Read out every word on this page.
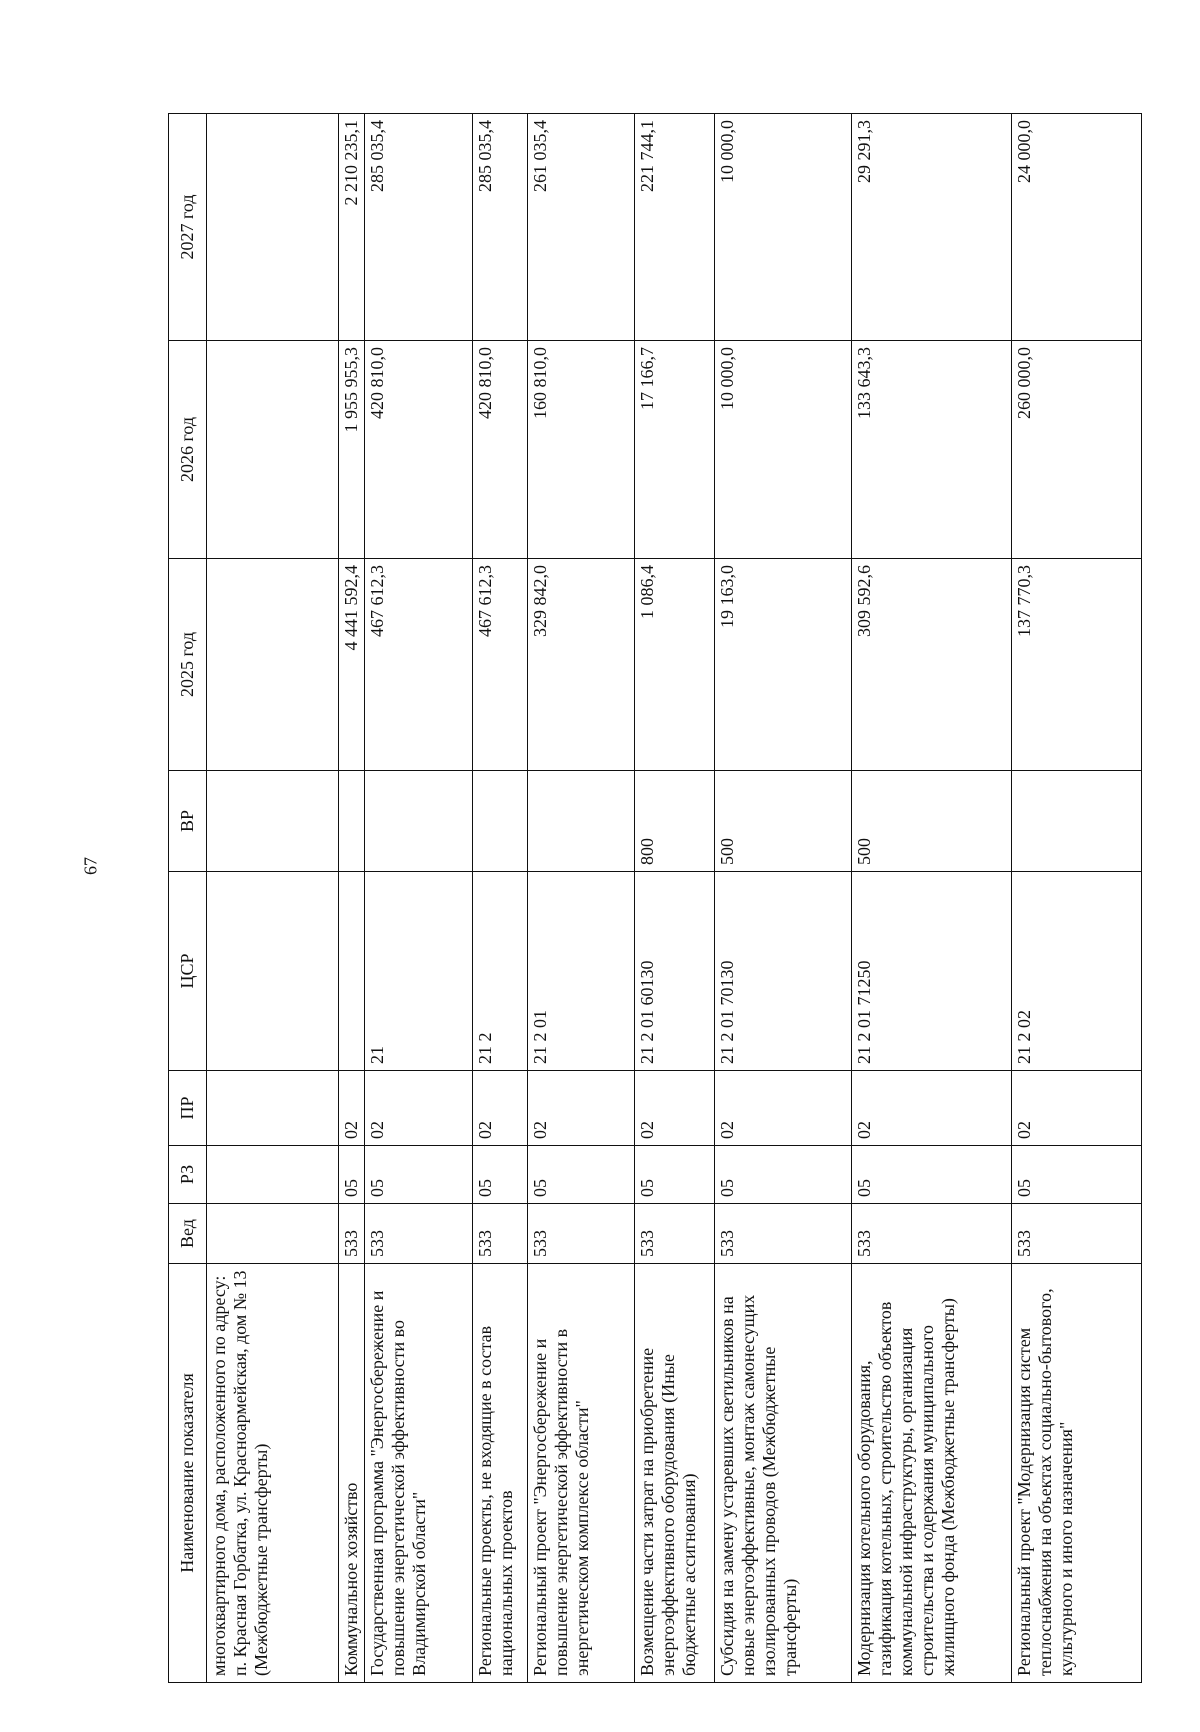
67
Наименование показателя	Вед	РЗ	ПР	ЦСР	ВР	2025 год	2026 год	2027 год
многоквартирного дома, расположенного по адресу: п. Красная Горбатка, ул. Красноармейская, дом № 13 (Межбюджетные трансферты)								
Коммунальное хозяйство	533	05	02			4 441 592,4	1 955 955,3	2 210 235,1
Государственная программа "Энергосбережение и повышение энергетической эффективности во Владимирской области"	533	05	02	21		467 612,3	420 810,0	285 035,4
Региональные проекты, не входящие в состав национальных проектов	533	05	02	21 2		467 612,3	420 810,0	285 035,4
Региональный проект "Энергосбережение и повышение энергетической эффективности в энергетическом комплексе области"	533	05	02	21 2 01		329 842,0	160 810,0	261 035,4
Возмещение части затрат на приобретение энергоэффективного оборудования (Иные бюджетные ассигнования)	533	05	02	21 2 01 60130	800	1 086,4	17 166,7	221 744,1
Субсидия на замену устаревших светильников на новые энергоэффективные, монтаж самонесущих изолированных проводов (Межбюджетные трансферты)	533	05	02	21 2 01 70130	500	19 163,0	10 000,0	10 000,0
Модернизация котельного оборудования, газификация котельных, строительство объектов коммунальной инфраструктуры, организация строительства и содержания муниципального жилищного фонда (Межбюджетные трансферты)	533	05	02	21 2 01 71250	500	309 592,6	133 643,3	29 291,3
Региональный проект "Модернизация систем теплоснабжения на объектах социально-бытового, культурного и иного назначения"	533	05	02	21 2 02		137 770,3	260 000,0	24 000,0
